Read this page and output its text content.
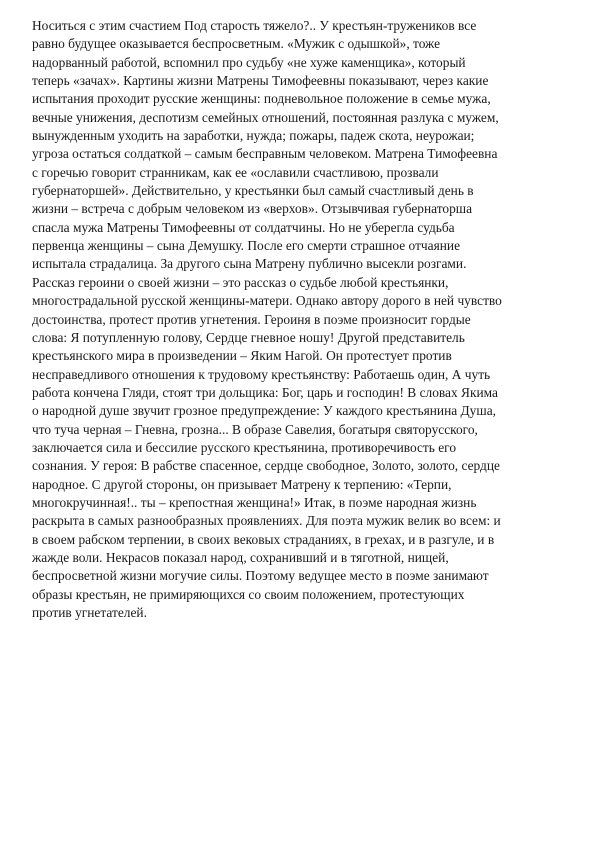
Носиться с этим счастием Под старость тяжело?.. У крестьян-тружеников все
равно будущее оказывается беспросветным. «Мужик с одышкой», тоже
надорванный работой, вспомнил про судьбу «не хуже каменщика», который
теперь «зачах». Картины жизни Матрены Тимофеевны показывают, через какие
испытания проходит русские женщины: подневольное положение в семье мужа,
вечные унижения, деспотизм семейных отношений, постоянная разлука с мужем,
вынужденным уходить на заработки, нужда; пожары, падеж скота, неурожаи;
угроза остаться солдаткой – самым бесправным человеком. Матрена Тимофеевна
с горечью говорит странникам, как ее «ославили счастливою, прозвали
губернаторшей». Действительно, у крестьянки был самый счастливый день в
жизни – встреча с добрым человеком из «верхов». Отзывчивая губернаторша
спасла мужа Матрены Тимофеевны от солдатчины. Но не уберегла судьба
первенца женщины – сына Демушку. После его смерти страшное отчаяние
испытала страдалица. За другого сына Матрену публично высекли розгами.
Рассказ героини о своей жизни – это рассказ о судьбе любой крестьянки,
многострадальной русской женщины-матери. Однако автору дорого в ней чувство
достоинства, протест против угнетения. Героиня в поэме произносит гордые
слова: Я потупленную голову, Сердце гневное ношу! Другой представитель
крестьянского мира в произведении – Яким Нагой. Он протестует против
несправедливого отношения к трудовому крестьянству: Работаешь один, А чуть
работа кончена Гляди, стоят три дольщика: Бог, царь и господин! В словах Якима
о народной душе звучит грозное предупреждение: У каждого крестьянина Душа,
что туча черная – Гневна, грозна... В образе Савелия, богатыря святорусского,
заключается сила и бессилие русского крестьянина, противоречивость его
сознания. У героя: В рабстве спасенное, сердце свободное, Золото, золото, сердце
народное. С другой стороны, он призывает Матрену к терпению: «Терпи,
многокручинная!.. ты – крепостная женщина!» Итак, в поэме народная жизнь
раскрыта в самых разнообразных проявлениях. Для поэта мужик велик во всем: и
в своем рабском терпении, в своих вековых страданиях, в грехах, и в разгуле, и в
жажде воли. Некрасов показал народ, сохранивший и в тяготной, нищей,
беспросветной жизни могучие силы. Поэтому ведущее место в поэме занимают
образы крестьян, не примиряющихся со своим положением, протестующих
против угнетателей.
